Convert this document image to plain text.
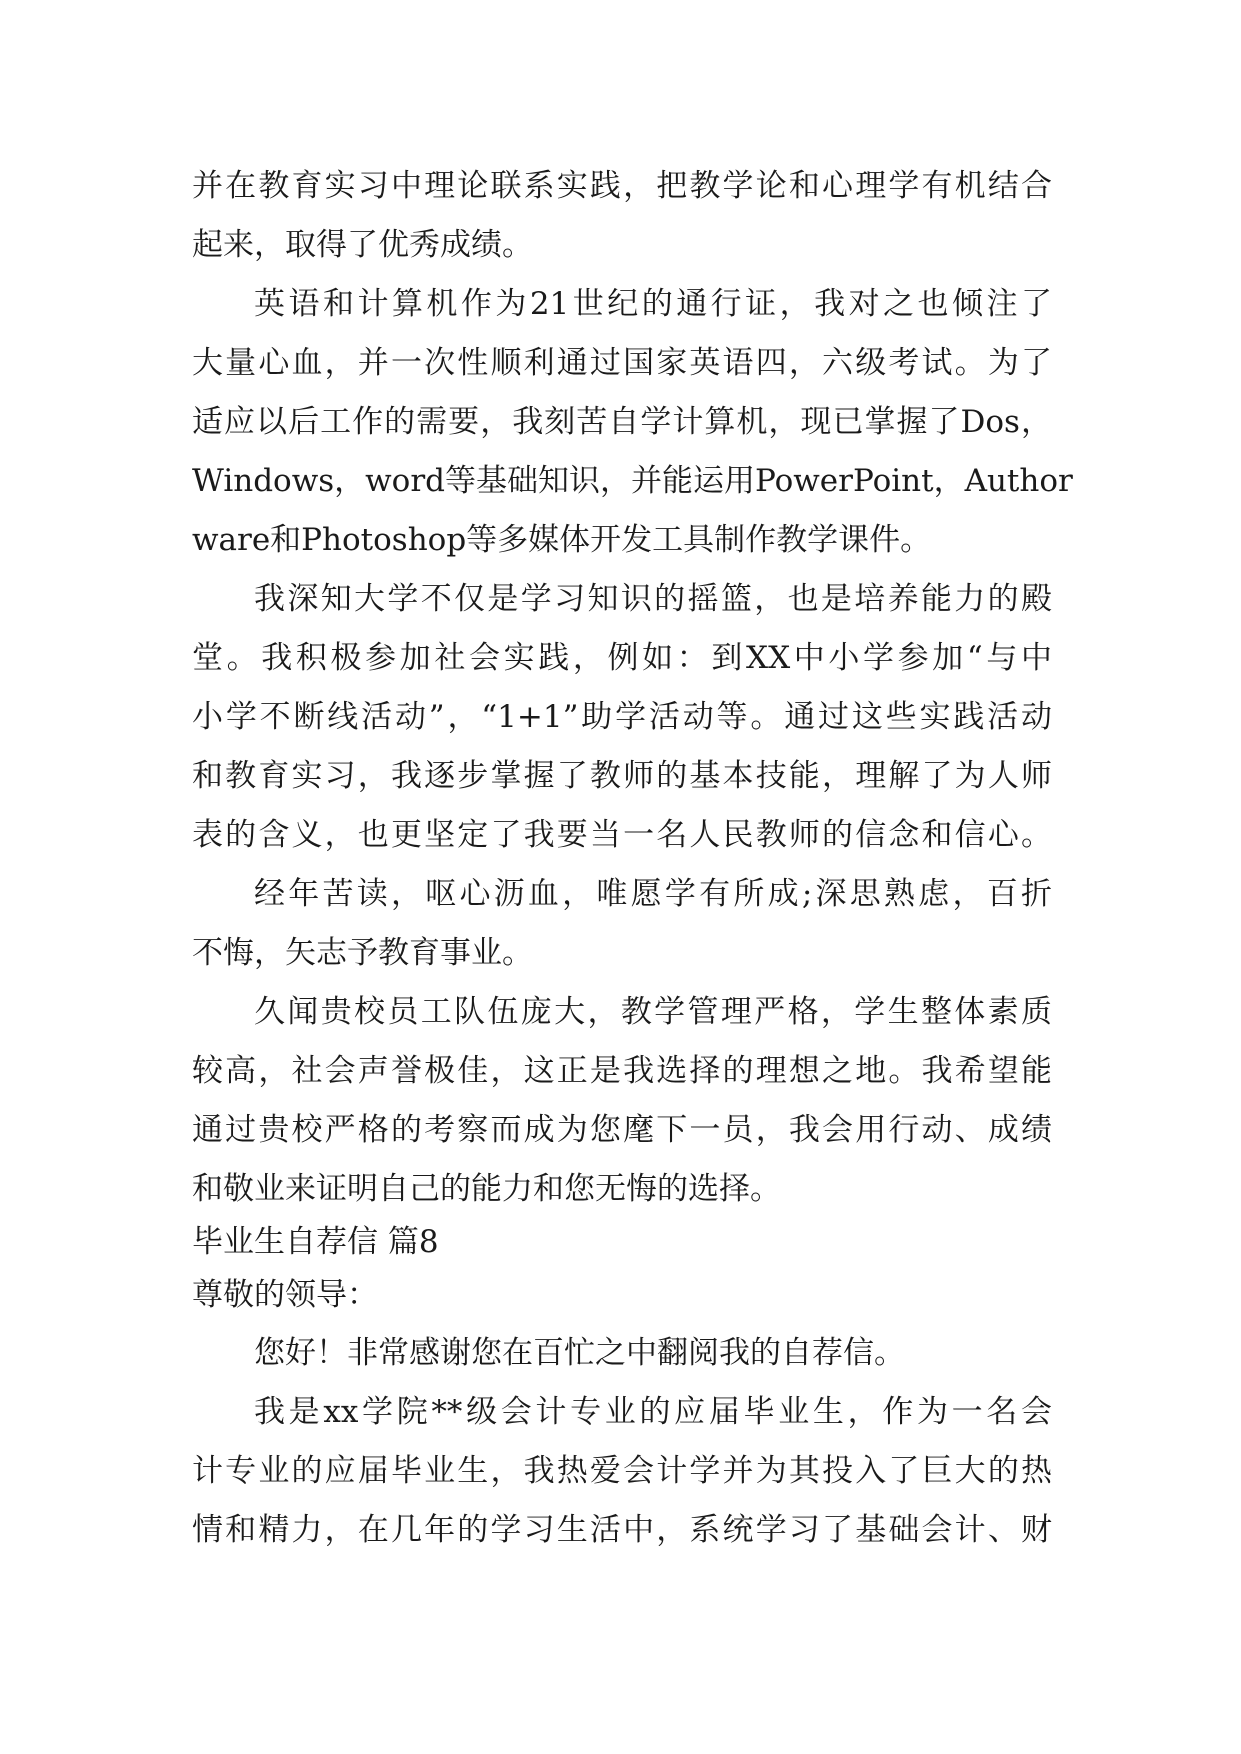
并在教育实习中理论联系实践，把教学论和心理学有机结合
起来，取得了优秀成绩。
英语和计算机作为21世纪的通行证，我对之也倾注了
大量心血，并一次性顺利通过国家英语四，六级考试。为了
适应以后工作的需要，我刻苦自学计算机，现已掌握了Dos，
Windows，word等基础知识，并能运用PowerPoint，Author
ware和Photoshop等多媒体开发工具制作教学课件。
我深知大学不仅是学习知识的摇篮，也是培养能力的殿
堂。我积极参加社会实践，例如：到XX中小学参加“与中
小学不断线活动”，“1+1”助学活动等。通过这些实践活动
和教育实习，我逐步掌握了教师的基本技能，理解了为人师
表的含义，也更坚定了我要当一名人民教师的信念和信心。
经年苦读，呕心沥血，唯愿学有所成;深思熟虑，百折
不悔，矢志予教育事业。
久闻贵校员工队伍庞大，教学管理严格，学生整体素质
较高，社会声誉极佳，这正是我选择的理想之地。我希望能
通过贵校严格的考察而成为您麾下一员，我会用行动、成绩
和敬业来证明自己的能力和您无悔的选择。
毕业生自荐信 篇8
尊敬的领导：
您好！非常感谢您在百忙之中翻阅我的自荐信。
我是xx学院**级会计专业的应届毕业生，作为一名会
计专业的应届毕业生，我热爱会计学并为其投入了巨大的热
情和精力，在几年的学习生活中，系统学习了基础会计、财
